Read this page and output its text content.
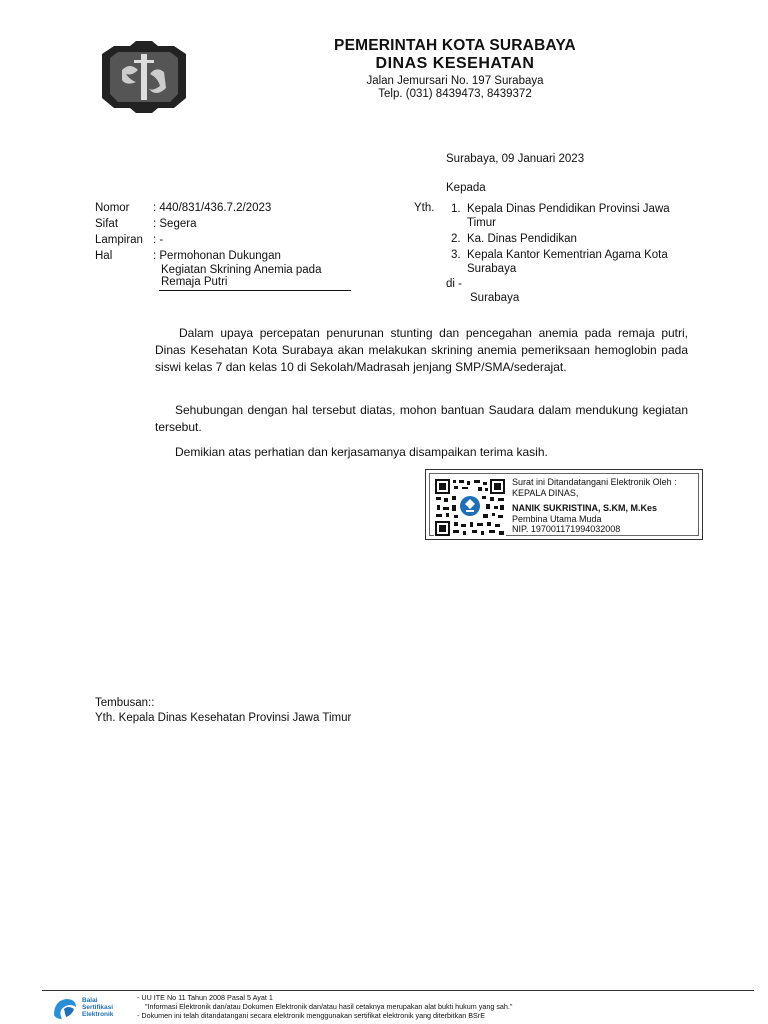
PEMERINTAH KOTA SURABAYA
DINAS KESEHATAN
Jalan Jemursari No. 197 Surabaya
Telp. (031) 8439473, 8439372
Surabaya, 09 Januari 2023
Kepada
Nomor	: 440/831/436.7.2/2023
Sifat	: Segera
Lampiran : -
Hal	: Permohonan Dukungan
Kegiatan Skrining Anemia pada
Remaja Putri
Yth. 1. Kepala Dinas Pendidikan Provinsi Jawa
Timur
2. Ka. Dinas Pendidikan
3. Kepala Kantor Kementrian Agama Kota
Surabaya
di -
Surabaya
Dalam upaya percepatan penurunan stunting dan pencegahan anemia pada remaja putri, Dinas Kesehatan Kota Surabaya akan melakukan skrining anemia pemeriksaan hemoglobin pada siswi kelas 7 dan kelas 10 di Sekolah/Madrasah jenjang SMP/SMA/sederajat.
Sehubungan dengan hal tersebut diatas, mohon bantuan Saudara dalam mendukung kegiatan tersebut.
Demikian atas perhatian dan kerjasamanya disampaikan terima kasih.
Surat ini Ditandatangani Elektronik Oleh :
KEPALA DINAS,
NANIK SUKRISTINA, S.KM, M.Kes
Pembina Utama Muda
NIP. 197001171994032008
Tembusan::
Yth. Kepala Dinas Kesehatan Provinsi Jawa Timur
Balai
Sertifikasi
Elektronik
- UU ITE No 11 Tahun 2008 Pasal 5 Ayat 1
"Informasi Elektronik dan/atau Dokumen Elektronik dan/atau hasil cetaknya merupakan alat bukti hukum yang sah."
- Dokumen ini telah ditandatangani secara elektronik menggunakan sertifikat elektronik yang diterbitkan BSrE
